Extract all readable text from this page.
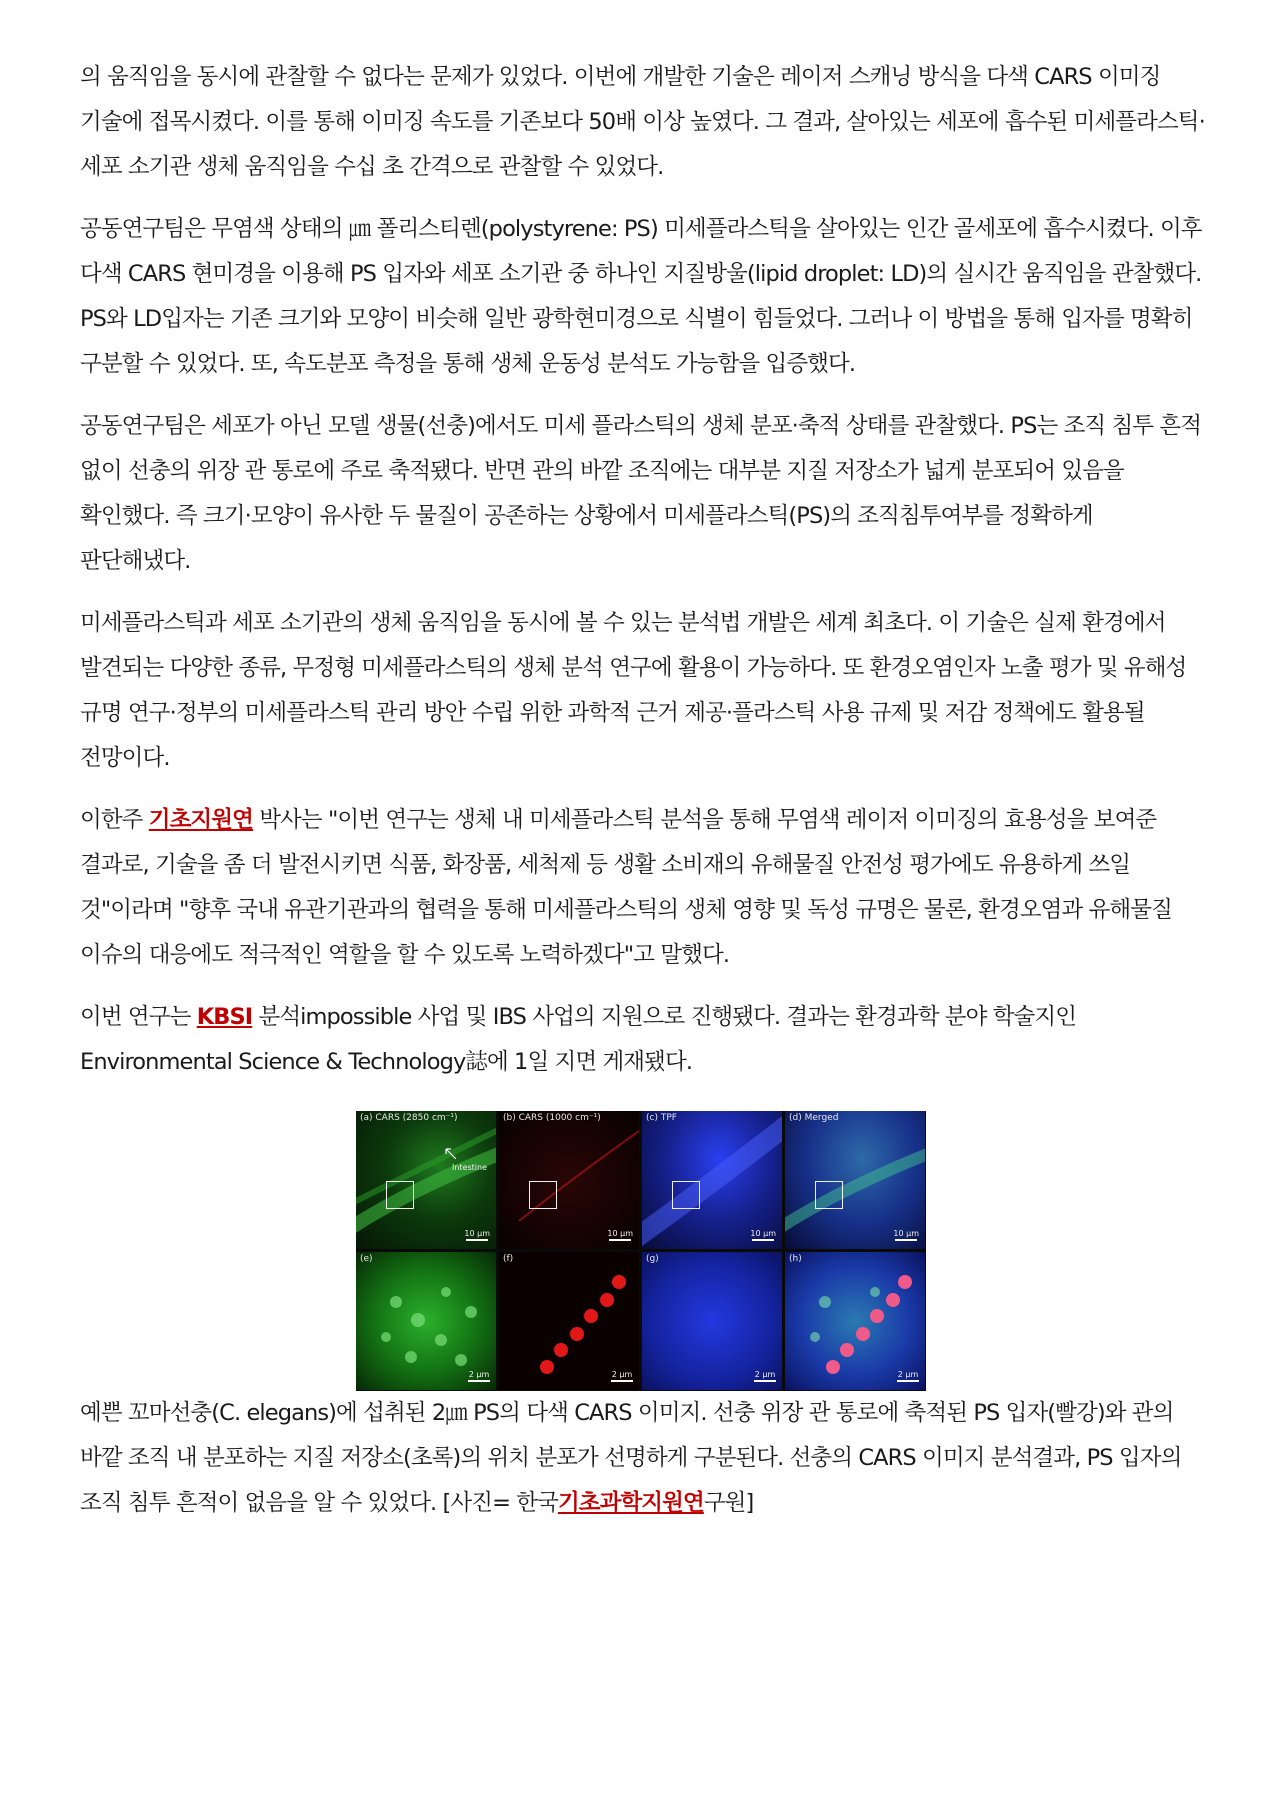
의 움직임을 동시에 관찰할 수 없다는 문제가 있었다. 이번에 개발한 기술은 레이저 스캐닝 방식을 다색 CARS 이미징 기술에 접목시켰다. 이를 통해 이미징 속도를 기존보다 50배 이상 높였다. 그 결과, 살아있는 세포에 흡수된 미세플라스틱·세포 소기관 생체 움직임을 수십 초 간격으로 관찰할 수 있었다.

공동연구팀은 무염색 상태의 ㎛ 폴리스티렌(polystyrene: PS) 미세플라스틱을 살아있는 인간 골세포에 흡수시켰다. 이후 다색 CARS 현미경을 이용해 PS 입자와 세포 소기관 중 하나인 지질방울(lipid droplet: LD)의 실시간 움직임을 관찰했다. PS와 LD입자는 기존 크기와 모양이 비슷해 일반 광학현미경으로 식별이 힘들었다. 그러나 이 방법을 통해 입자를 명확히 구분할 수 있었다. 또, 속도분포 측정을 통해 생체 운동성 분석도 가능함을 입증했다.

공동연구팀은 세포가 아닌 모델 생물(선충)에서도 미세 플라스틱의 생체 분포·축적 상태를 관찰했다. PS는 조직 침투 흔적 없이 선충의 위장 관 통로에 주로 축적됐다. 반면 관의 바깥 조직에는 대부분 지질 저장소가 넓게 분포되어 있음을 확인했다. 즉 크기·모양이 유사한 두 물질이 공존하는 상황에서 미세플라스틱(PS)의 조직침투여부를 정확하게 판단해냈다.

미세플라스틱과 세포 소기관의 생체 움직임을 동시에 볼 수 있는 분석법 개발은 세계 최초다. 이 기술은 실제 환경에서 발견되는 다양한 종류, 무정형 미세플라스틱의 생체 분석 연구에 활용이 가능하다. 또 환경오염인자 노출 평가 및 유해성 규명 연구·정부의 미세플라스틱 관리 방안 수립 위한 과학적 근거 제공·플라스틱 사용 규제 및 저감 정책에도 활용될 전망이다.

이한주 기초지원연 박사는 "이번 연구는 생체 내 미세플라스틱 분석을 통해 무염색 레이저 이미징의 효용성을 보여준 결과로, 기술을 좀 더 발전시키면 식품, 화장품, 세척제 등 생활 소비재의 유해물질 안전성 평가에도 유용하게 쓰일 것"이라며 "향후 국내 유관기관과의 협력을 통해 미세플라스틱의 생체 영향 및 독성 규명은 물론, 환경오염과 유해물질 이슈의 대응에도 적극적인 역할을 할 수 있도록 노력하겠다"고 말했다.

이번 연구는 KBSI 분석impossible 사업 및 IBS 사업의 지원으로 진행됐다. 결과는 환경과학 분야 학술지인 Environmental Science & Technology誌에 1일 지면 게재됐다.

Intestine
(a) CARS (2850 cm⁻¹)
10 μm
(b) CARS (1000 cm⁻¹)
10 μm
(c) TPF
10 μm
(d) Merged
10 μm
(e)
2 μm
(f)
2 μm
(g)
2 μm
(h)
2 μm

예쁜 꼬마선충(C. elegans)에 섭취된 2㎛ PS의 다색 CARS 이미지. 선충 위장 관 통로에 축적된 PS 입자(빨강)와 관의 바깥 조직 내 분포하는 지질 저장소(초록)의 위치 분포가 선명하게 구분된다. 선충의 CARS 이미지 분석결과, PS 입자의 조직 침투 흔적이 없음을 알 수 있었다. [사진= 한국기초과학지원연구원]
